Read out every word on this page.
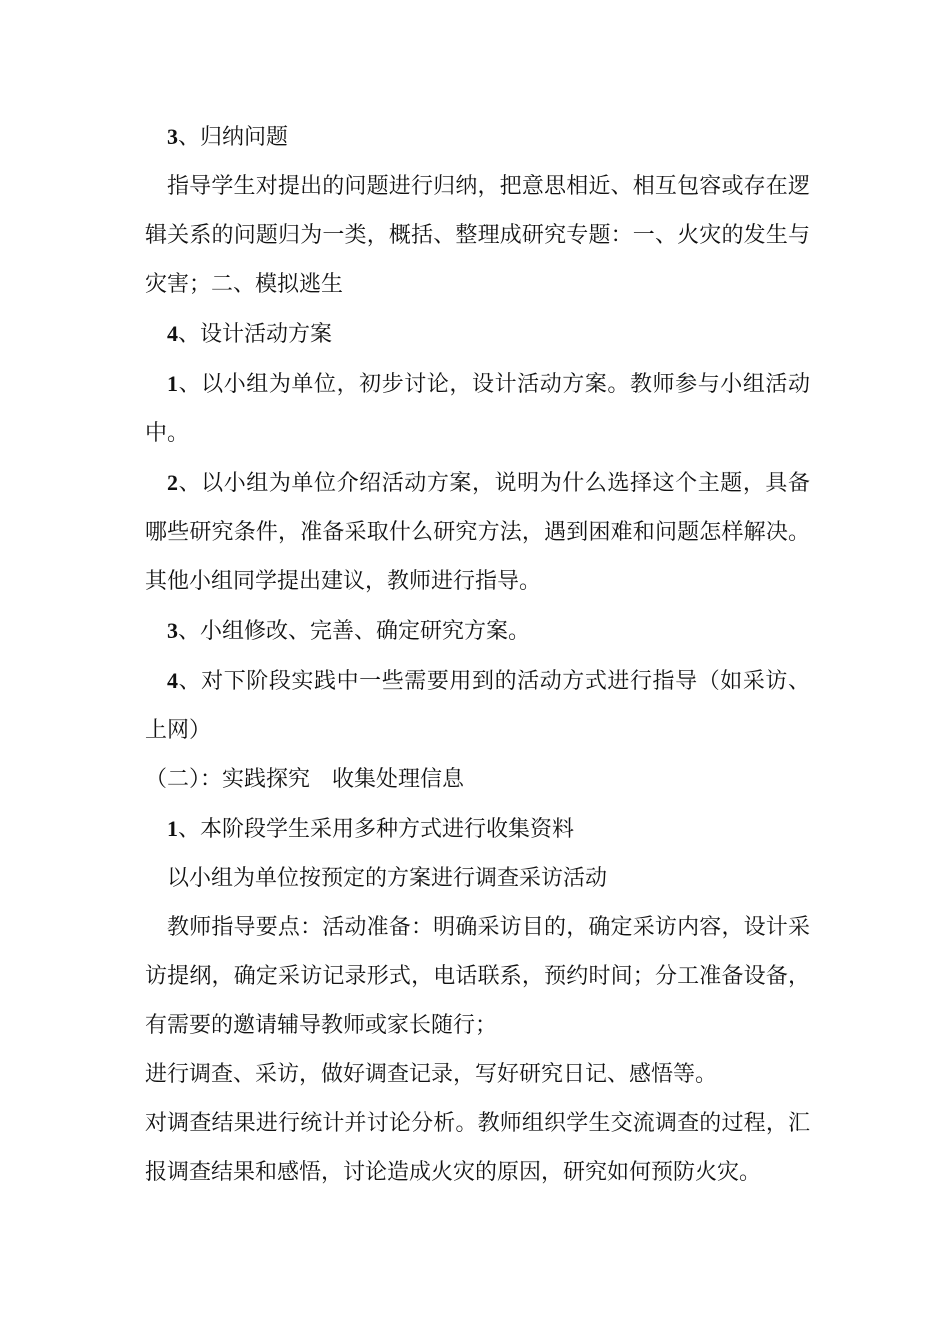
3、归纳问题

指导学生对提出的问题进行归纳，把意思相近、相互包容或存在逻辑关系的问题归为一类，概括、整理成研究专题：一、火灾的发生与灾害；二、模拟逃生

4、设计活动方案

1、以小组为单位，初步讨论，设计活动方案。教师参与小组活动中。

2、以小组为单位介绍活动方案，说明为什么选择这个主题，具备哪些研究条件，准备采取什么研究方法，遇到困难和问题怎样解决。其他小组同学提出建议，教师进行指导。

3、小组修改、完善、确定研究方案。

4、对下阶段实践中一些需要用到的活动方式进行指导（如采访、上网）

（二）：实践探究　收集处理信息

1、本阶段学生采用多种方式进行收集资料

以小组为单位按预定的方案进行调查采访活动

教师指导要点：活动准备：明确采访目的，确定采访内容，设计采访提纲，确定采访记录形式，电话联系，预约时间；分工准备设备，有需要的邀请辅导教师或家长随行；

进行调查、采访，做好调查记录，写好研究日记、感悟等。

对调查结果进行统计并讨论分析。教师组织学生交流调查的过程，汇报调查结果和感悟，讨论造成火灾的原因，研究如何预防火灾。
